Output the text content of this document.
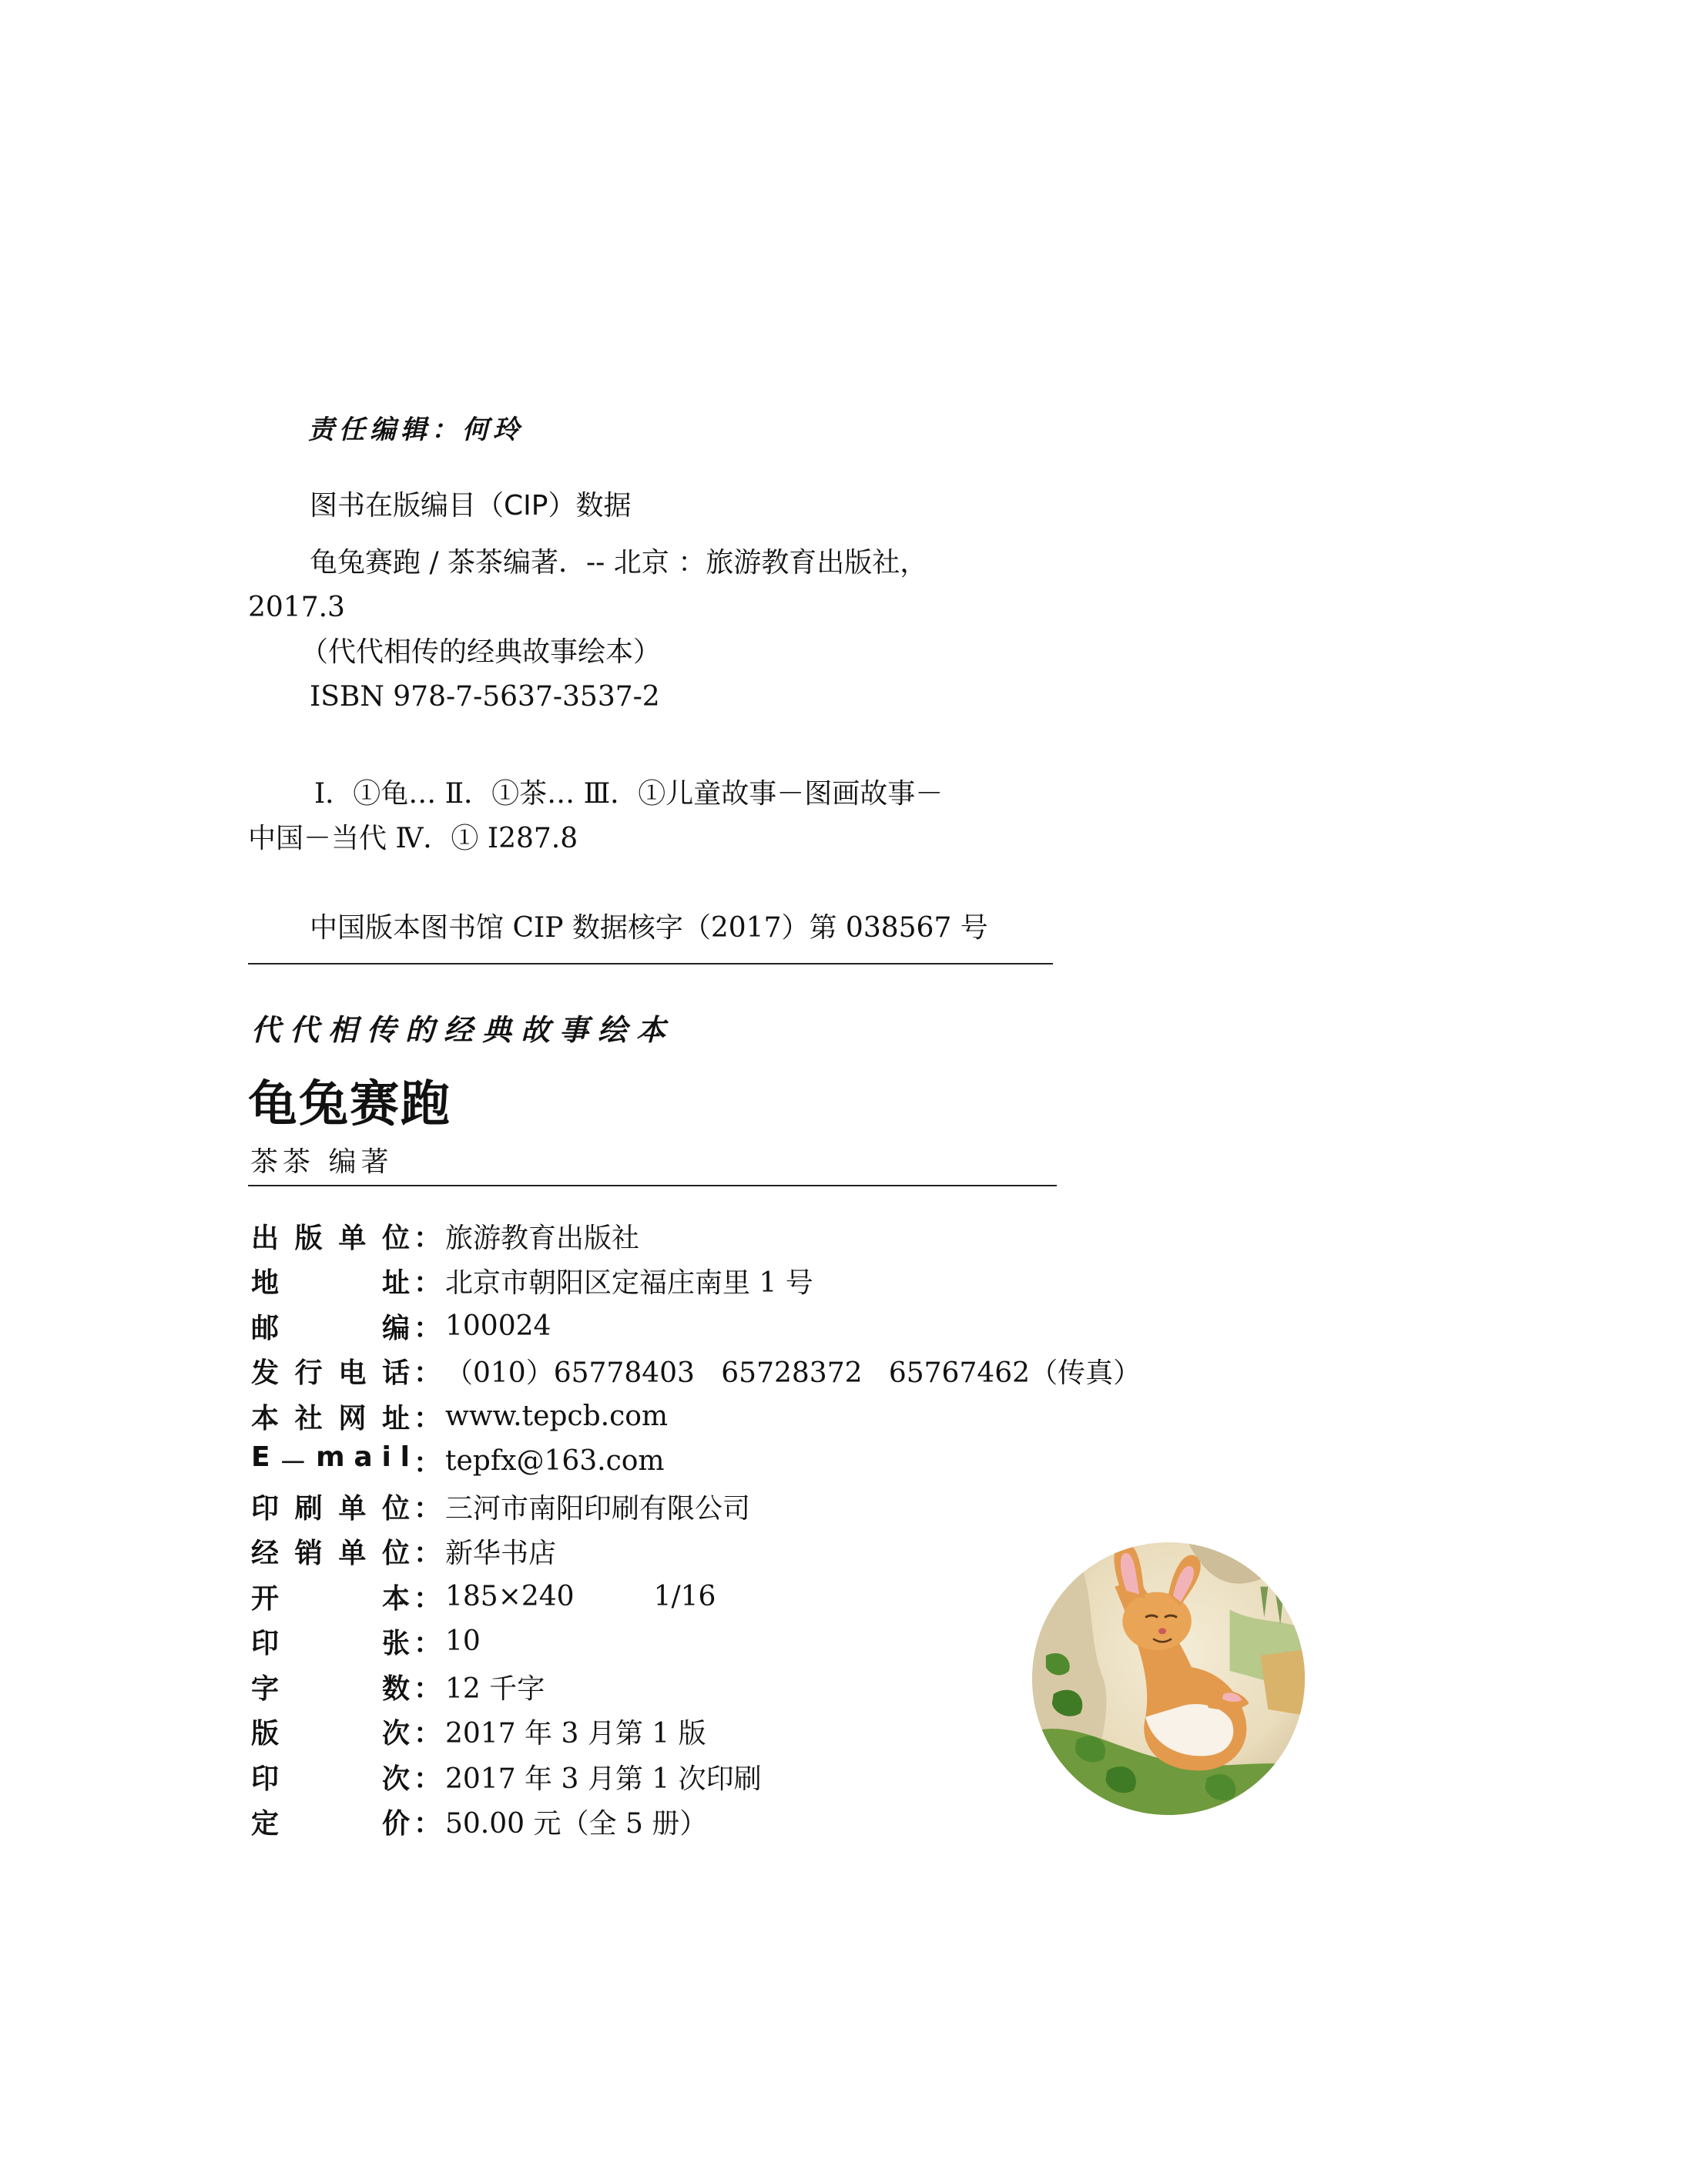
责任编辑：何玲
图书在版编目（CIP）数据
龟兔赛跑 / 茶茶编著．-- 北京 ：旅游教育出版社，
2017.3
（代代相传的经典故事绘本）
ISBN 978-7-5637-3537-2
Ⅰ．①龟… Ⅱ．①茶… Ⅲ．①儿童故事－图画故事－
中国－当代 Ⅳ．① I287.8
中国版本图书馆 CIP 数据核字（2017）第 038567 号
代代相传的经典故事绘本
龟兔赛跑
茶茶 编著
出 版 单 位 ： 旅游教育出版社
地	址 ： 北京市朝阳区定福庄南里 1 号
邮	编 ： 100024
发 行 电 话 ： （010）65778403   65728372   65767462（传真）
本 社 网 址 ： www.tepcb.com
E － m a i l ： tepfx@163.com
印 刷 单 位 ： 三河市南阳印刷有限公司
经 销 单 位 ： 新华书店
开	本 ： 185×240         1/16
印	张 ： 10
字	数 ： 12 千字
版	次 ： 2017 年 3 月第 1 版
印	次 ： 2017 年 3 月第 1 次印刷
定	价 ： 50.00 元（全 5 册）
